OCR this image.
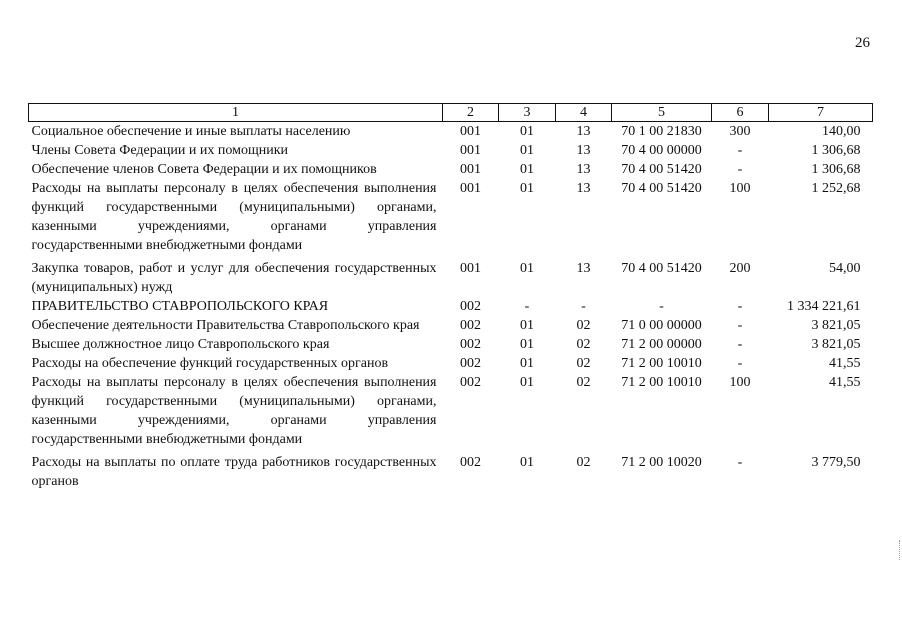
26
1	2	3	4	5	6	7
Социальное обеспечение и иные выплаты населению	001	01	13	70 1 00 21830	300	140,00
Члены Совета Федерации и их помощники	001	01	13	70 4 00 00000	-	1 306,68
Обеспечение членов Совета Федерации и их помощников	001	01	13	70 4 00 51420	-	1 306,68
Расходы на выплаты персоналу в целях обеспечения выполнения функций государственными (муниципальными) органами, казенными учреждениями, органами управления государственными внебюджетными фондами	001	01	13	70 4 00 51420	100	1 252,68
Закупка товаров, работ и услуг для обеспечения государственных (муниципальных) нужд	001	01	13	70 4 00 51420	200	54,00
ПРАВИТЕЛЬСТВО СТАВРОПОЛЬСКОГО КРАЯ	002	-	-	-	-	1 334 221,61
Обеспечение деятельности Правительства Ставропольского края	002	01	02	71 0 00 00000	-	3 821,05
Высшее должностное лицо Ставропольского края	002	01	02	71 2 00 00000	-	3 821,05
Расходы на обеспечение функций государственных органов	002	01	02	71 2 00 10010	-	41,55
Расходы на выплаты персоналу в целях обеспечения выполнения функций государственными (муниципальными) органами, казенными учреждениями, органами управления государственными внебюджетными фондами	002	01	02	71 2 00 10010	100	41,55
Расходы на выплаты по оплате труда работников государственных органов	002	01	02	71 2 00 10020	-	3 779,50
